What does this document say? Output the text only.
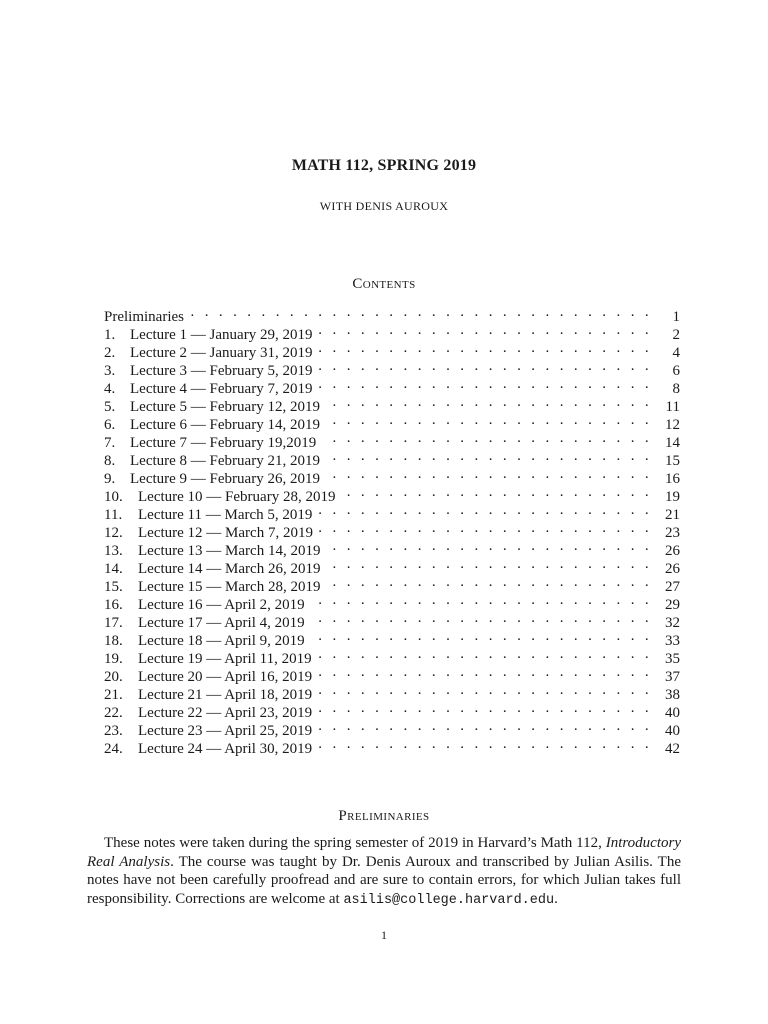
MATH 112, SPRING 2019
WITH DENIS AUROUX
Contents
Preliminaries . . .	1
1. Lecture 1 — January 29, 2019 . . .	2
2. Lecture 2 — January 31, 2019 . . .	4
3. Lecture 3 — February 5, 2019 . . .	6
4. Lecture 4 — February 7, 2019 . . .	8
5. Lecture 5 — February 12, 2019 . . .	11
6. Lecture 6 — February 14, 2019 . . .	12
7. Lecture 7 — February 19,2019 . . .	14
8. Lecture 8 — February 21, 2019 . . .	15
9. Lecture 9 — February 26, 2019 . . .	16
10.	Lecture 10 — February 28, 2019 . . .	19
11.	Lecture 11 — March 5, 2019 . . .	21
12.	Lecture 12 — March 7, 2019 . . .	23
13.	Lecture 13 — March 14, 2019 . . .	26
14.	Lecture 14 — March 26, 2019 . . .	26
15.	Lecture 15 — March 28, 2019 . . .	27
16.	Lecture 16 — April 2, 2019 . . .	29
17.	Lecture 17 — April 4, 2019 . . .	32
18.	Lecture 18 — April 9, 2019 . . .	33
19.	Lecture 19 — April 11, 2019 . . .	35
20.	Lecture 20 — April 16, 2019 . . .	37
21.	Lecture 21 — April 18, 2019 . . .	38
22.	Lecture 22 — April 23, 2019 . . .	40
23.	Lecture 23 — April 25, 2019 . . .	40
24.	Lecture 24 — April 30, 2019 . . .	42
Preliminaries

These notes were taken during the spring semester of 2019 in Harvard’s Math 112, Introductory Real Analysis. The course was taught by Dr. Denis Auroux and transcribed by Julian Asilis. The notes have not been carefully proofread and are sure to contain errors, for which Julian takes full responsibility. Corrections are welcome at asilis@college.harvard.edu.

1
